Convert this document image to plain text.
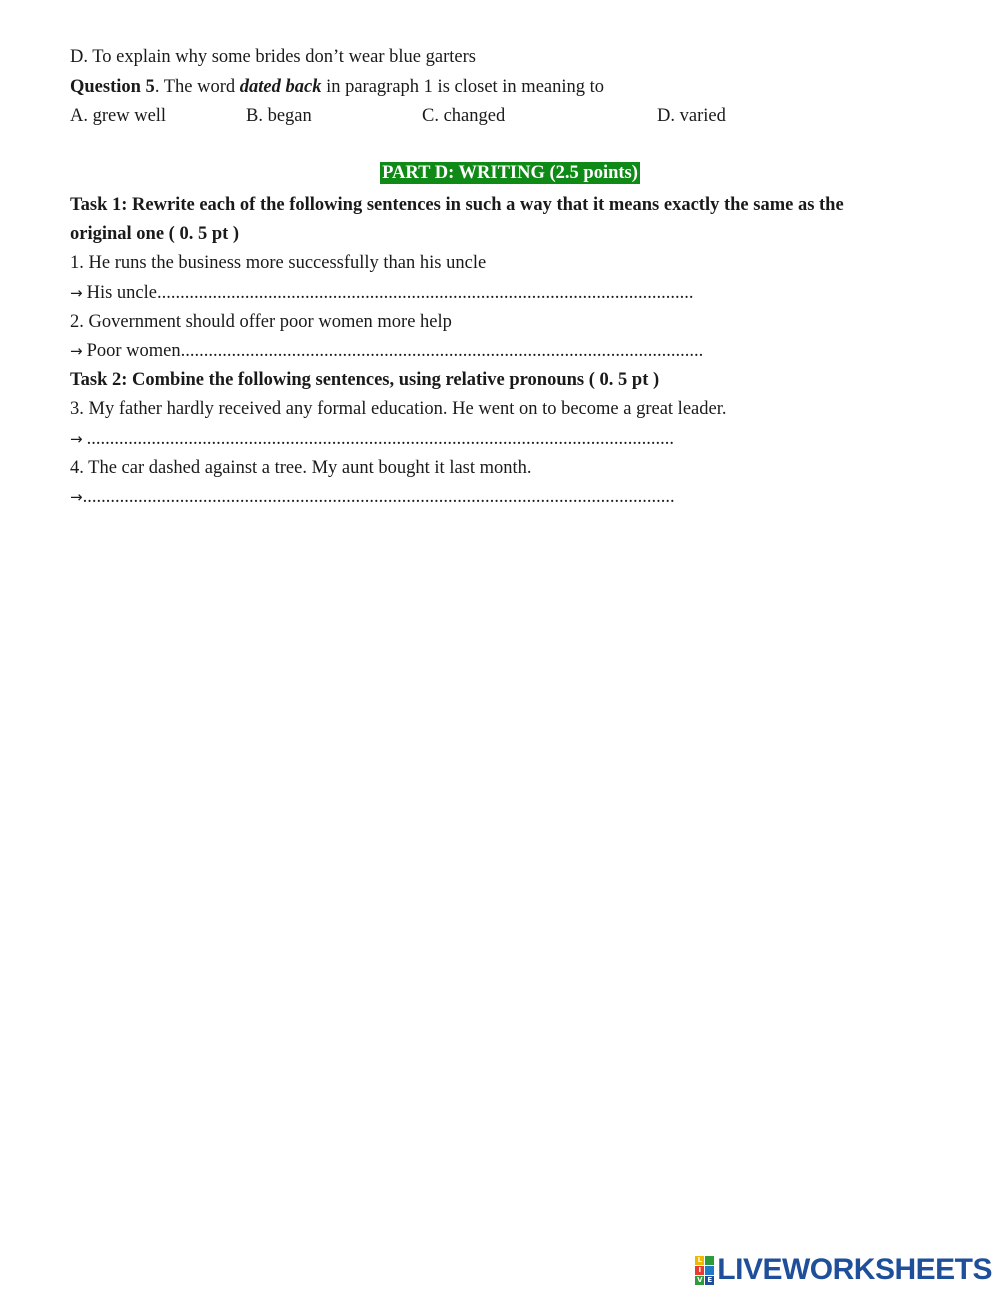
D. To explain why some brides don’t wear blue garters
Question 5. The word dated back in paragraph 1 is closet in meaning to
A. grew well	B. began	C. changed	D. varied
PART D: WRITING (2.5 points)
Task 1: Rewrite each of the following sentences in such a way that it means exactly the same as the
original one ( 0. 5 pt )
1. He runs the business more successfully than his uncle
→ His uncle....................................................................................................................
2. Government should offer poor women more help
→ Poor women.................................................................................................................
Task 2: Combine the following sentences, using relative pronouns ( 0. 5 pt )
3. My father hardly received any formal education. He went on to become a great leader.
→ ...............................................................................................................................
4. The car dashed against a tree. My aunt bought it last month.
→................................................................................................................................
L
I
V E LIVEWORKSHEETS
